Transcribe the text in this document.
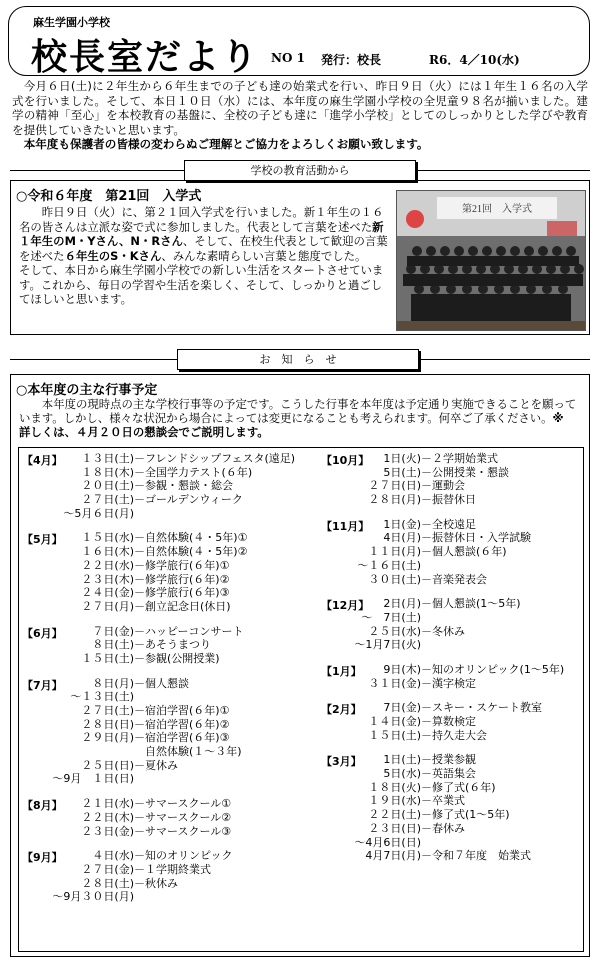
麻生学園小学校
校長室だより NO 1 発行：校長	R6．4／10(水)
今月６日(土)に２年生から６年生までの子ども達の始業式を行い、昨日９日（火）には１年生１６名の入学式を行いました。そして、本日１０日（水）には、本年度の麻生学園小学校の全児童９８名が揃いました。建学の精神「至心」を本校教育の基盤に、全校の子ども達に「進学小学校」としてのしっかりとした学びや教育を提供していきたいと思います。
本年度も保護者の皆様の変わらぬご理解とご協力をよろしくお願い致します。
学校の教育活動から
○令和６年度　第21回　入学式
昨日９日（火）に、第２１回入学式を行いました。新１年生の１６名の皆さんは立派な姿で式に参加しました。代表として言葉を述べた新１年生のM・Yさん、N・Rさん、そして、在校生代表として歓迎の言葉を述べた６年生のS・Kさん、みんな素晴らしい言葉と態度でした。
そして、本日から麻生学園小学校での新しい生活をスタートさせています。これから、毎日の学習や生活を楽しく、そして、しっかりと過ごしてほしいと思います。
第21回　入学式
お　知　ら　せ
○本年度の主な行事予定
本年度の現時点の主な学校行事等の予定です。こうした行事を本年度は予定通り実施できることを願っています。しかし、様々な状況から場合によっては変更になることも考えられます。何卒ご了承ください。※　詳しくは、４月２０日の懇談会でご説明します。
【4月】	１３日(土)－フレンドシップフェスタ(遠足)
１８日(木)－全国学力テスト(６年)
２０日(土)－参観・懇談・総会
２７日(土)－ゴールデンウィーク
～5月６日(月)
【5月】	１５日(水)－自然体験(４・5年)①
１６日(木)－自然体験(４・5年)②
２２日(水)－修学旅行(６年)①
２３日(木)－修学旅行(６年)②
２４日(金)－修学旅行(６年)③
２７日(月)－創立記念日(休日)
【6月】	７日(金)－ハッピーコンサート
８日(土)－あそうまつり
１５日(土)－参観(公開授業)
【7月】	８日(月)－個人懇談
～１３日(土)
２７日(土)－宿泊学習(６年)①
２８日(日)－宿泊学習(６年)②
２９日(月)－宿泊学習(６年)③
　自然体験(１～３年)
２５日(日)－夏休み
～9月　１日(日)
【8月】	２１日(水)－サマースクール①
２２日(木)－サマースクール②
２３日(金)－サマースクール③
【9月】	４日(水)－知のオリンピック
２７日(金)－１学期終業式
２８日(土)－秋休み
～9月３０日(月)
【10月】	1日(火)－２学期始業式
5日(土)－公開授業・懇談
２７日(日)－運動会
２８日(月)－振替休日
【11月】	1日(金)－全校遠足
4日(月)－振替休日・入学試験
１１日(月)－個人懇談(６年)
～１６日(土)
３０日(土)－音楽発表会
【12月】	2日(月)－個人懇談(1～5年)
～　7日(土)
２５日(水)－冬休み
～1月7日(火)
【1月】	9日(木)－知のオリンピック(1～5年)
３１日(金)－漢字検定
【2月】	7日(金)－スキー・スケート教室
１４日(金)－算数検定
１５日(土)－持久走大会
【3月】	1日(土)－授業参観
5日(水)－英語集会
１８日(火)－修了式(６年)
１９日(水)－卒業式
２２日(土)－修了式(1～5年)
２３日(日)－春休み
～4月6日(日)
4月7日(月)－令和７年度　始業式
